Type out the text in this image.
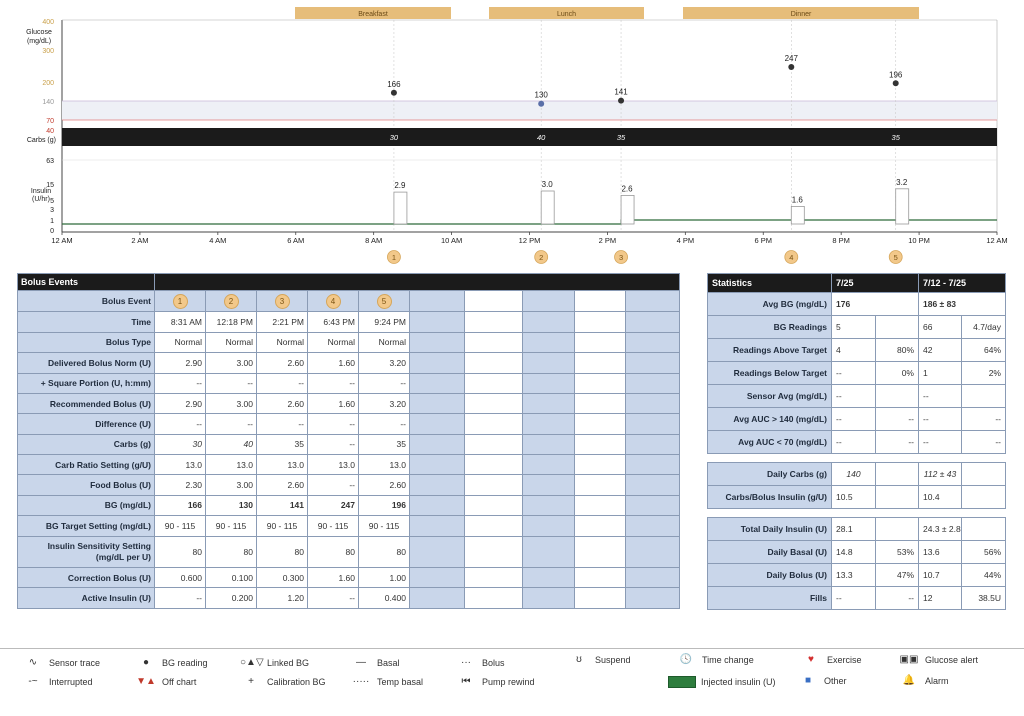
Breakfast	Lunch	Dinner
400
300
200
140
70
40
Glucose
(mg/dL)
166
130	141
247
196
Carbs (g)	30	40	35	35
63
15
5
3
1
0
Insulin
(U/hr)
2.9	3.0	2.6
1.6
3.2
12 AM	2 AM	4 AM	6 AM	8 AM	10 AM	12 PM	2 PM	4 PM	6 PM	8 PM	10 PM	12 AM
1	2	3	4	5
Bolus Events										
Bolus Event	1	2	3	4	5					
Time	8:31 AM	12:18 PM	2:21 PM	6:43 PM	9:24 PM					
Bolus Type	Normal	Normal	Normal	Normal	Normal					
Delivered Bolus Norm (U)	2.90	3.00	2.60	1.60	3.20					
+ Square Portion (U, h:mm)	--	--	--	--	--					
Recommended Bolus (U)	2.90	3.00	2.60	1.60	3.20					
Difference (U)	--	--	--	--	--					
Carbs (g)	30	40	35	--	35					
Carb Ratio Setting (g/U)	13.0	13.0	13.0	13.0	13.0					
Food Bolus (U)	2.30	3.00	2.60	--	2.60					
BG (mg/dL)	166	130	141	247	196					
BG Target Setting (mg/dL)	90 - 115	90 - 115	90 - 115	90 - 115	90 - 115					

Insulin Sensitivity Setting
(mg/dL per U)	80	80	80	80	80					
Correction Bolus (U)	0.600	0.100	0.300	1.60	1.00					
Active Insulin (U)	--	0.200	1.20	--	0.400					
Statistics	7/25		7/12 - 7/25	
Avg BG (mg/dL)	176		186 ± 83	
BG Readings	5		66	4.7/day
Readings Above Target	4	80%	42	64%
Readings Below Target	--	0%	1	2%
Sensor Avg (mg/dL)	--		--	
Avg AUC > 140 (mg/dL)	--	--	--	--
Avg AUC < 70 (mg/dL)	--	--	--	--
Daily Carbs (g)	140		112 ± 43	
Carbs/Bolus Insulin (g/U)	10.5		10.4	
Total Daily Insulin (U)	28.1		24.3 ± 2.8	
Daily Basal (U)	14.8	53%	13.6	56%
Daily Bolus (U)	13.3	47%	10.7	44%
Fills	--	--	12	38.5U
∿	Sensor trace
-~	Interrupted
●	BG reading
▼▲ Off chart
○▲▽ Linked BG
+	Calibration BG
—	Basal
····· Temp basal
···	Bolus
⏮	Pump rewind
ʊ	Suspend	🕓	Time change
Injected insulin (U)
♥	Exercise
■	Other
▣▣ Glucose alert
🔔	Alarm
